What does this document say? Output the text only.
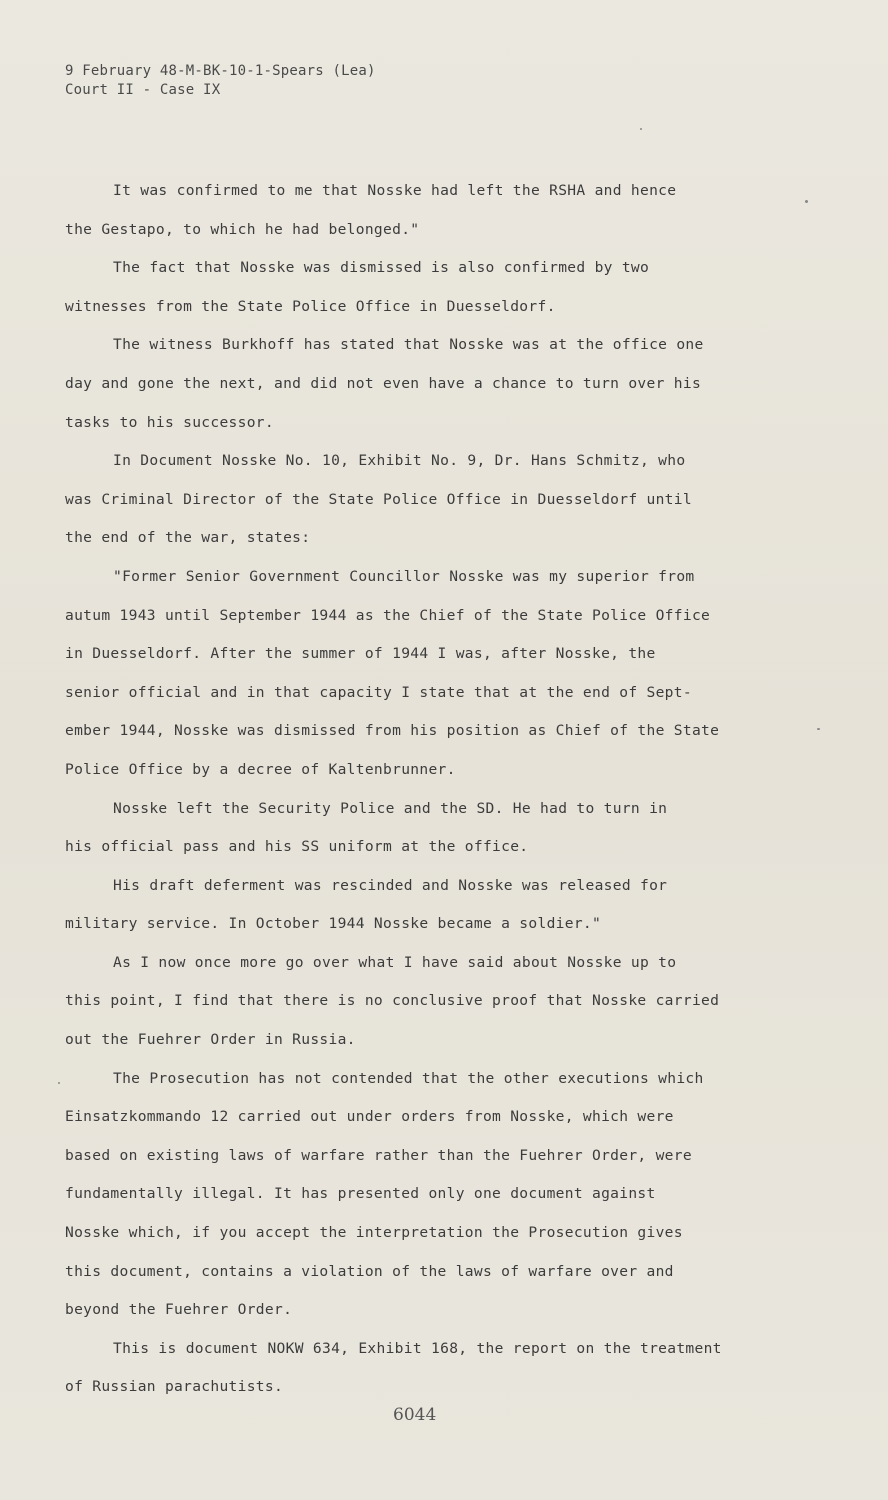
9 February 48-M-BK-10-1-Spears (Lea)
Court II - Case IX
It was confirmed to me that Nosske had left the RSHA and hence
the Gestapo, to which he had belonged."
The fact that Nosske was dismissed is also confirmed by two
witnesses from the State Police Office in Duesseldorf.
The witness Burkhoff has stated that Nosske was at the office one
day and gone the next, and did not even have a chance to turn over his
tasks to his successor.
In Document Nosske No. 10, Exhibit No. 9, Dr. Hans Schmitz, who
was Criminal Director of the State Police Office in Duesseldorf until
the end of the war, states:
"Former Senior Government Councillor Nosske was my superior from
autum 1943 until September 1944 as the Chief of the State Police Office
in Duesseldorf. After the summer of 1944 I was, after Nosske, the
senior official and in that capacity I state that at the end of Sept-
ember 1944, Nosske was dismissed from his position as Chief of the State
Police Office by a decree of Kaltenbrunner.
Nosske left the Security Police and the SD. He had to turn in
his official pass and his SS uniform at the office.
His draft deferment was rescinded and Nosske was released for
military service. In October 1944 Nosske became a soldier."
As I now once more go over what I have said about Nosske up to
this point, I find that there is no conclusive proof that Nosske carried
out the Fuehrer Order in Russia.
The Prosecution has not contended that the other executions which
Einsatzkommando 12 carried out under orders from Nosske, which were
based on existing laws of warfare rather than the Fuehrer Order, were
fundamentally illegal. It has presented only one document against
Nosske which, if you accept the interpretation the Prosecution gives
this document, contains a violation of the laws of warfare over and
beyond the Fuehrer Order.
This is document NOKW 634, Exhibit 168, the report on the treatment
of Russian parachutists.
6044
